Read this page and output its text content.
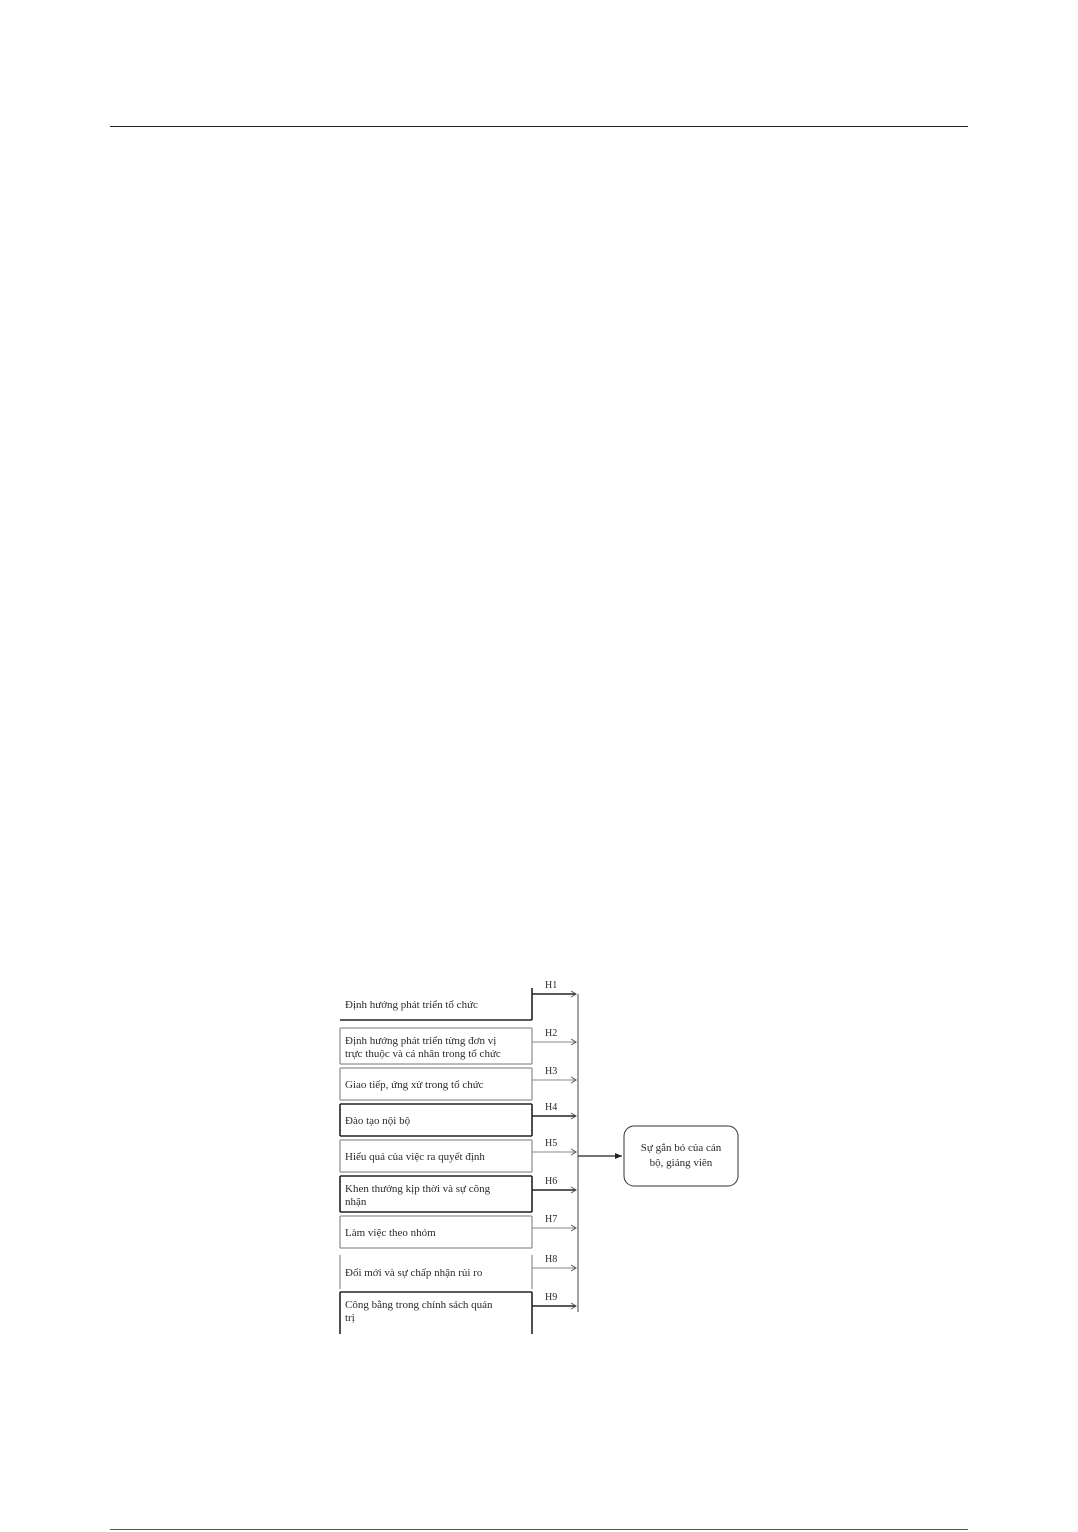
Định hướng phát triển tổ chức
Định hướng phát triển từng đơn vị
trực thuộc và cá nhân trong tổ chức
Giao tiếp, ứng xử trong tổ chức
Đào tạo nội bộ
Hiểu quả của việc ra quyết định
Khen thưởng kịp thời và sự công
nhận
Làm việc theo nhóm
Đổi mới và sự chấp nhận rủi ro
Công bằng trong chính sách quản
trị
H1
H2
H3
H4
H5
H6
H7
H8
H9
Sự gắn bó của cán
bộ, giảng viên
